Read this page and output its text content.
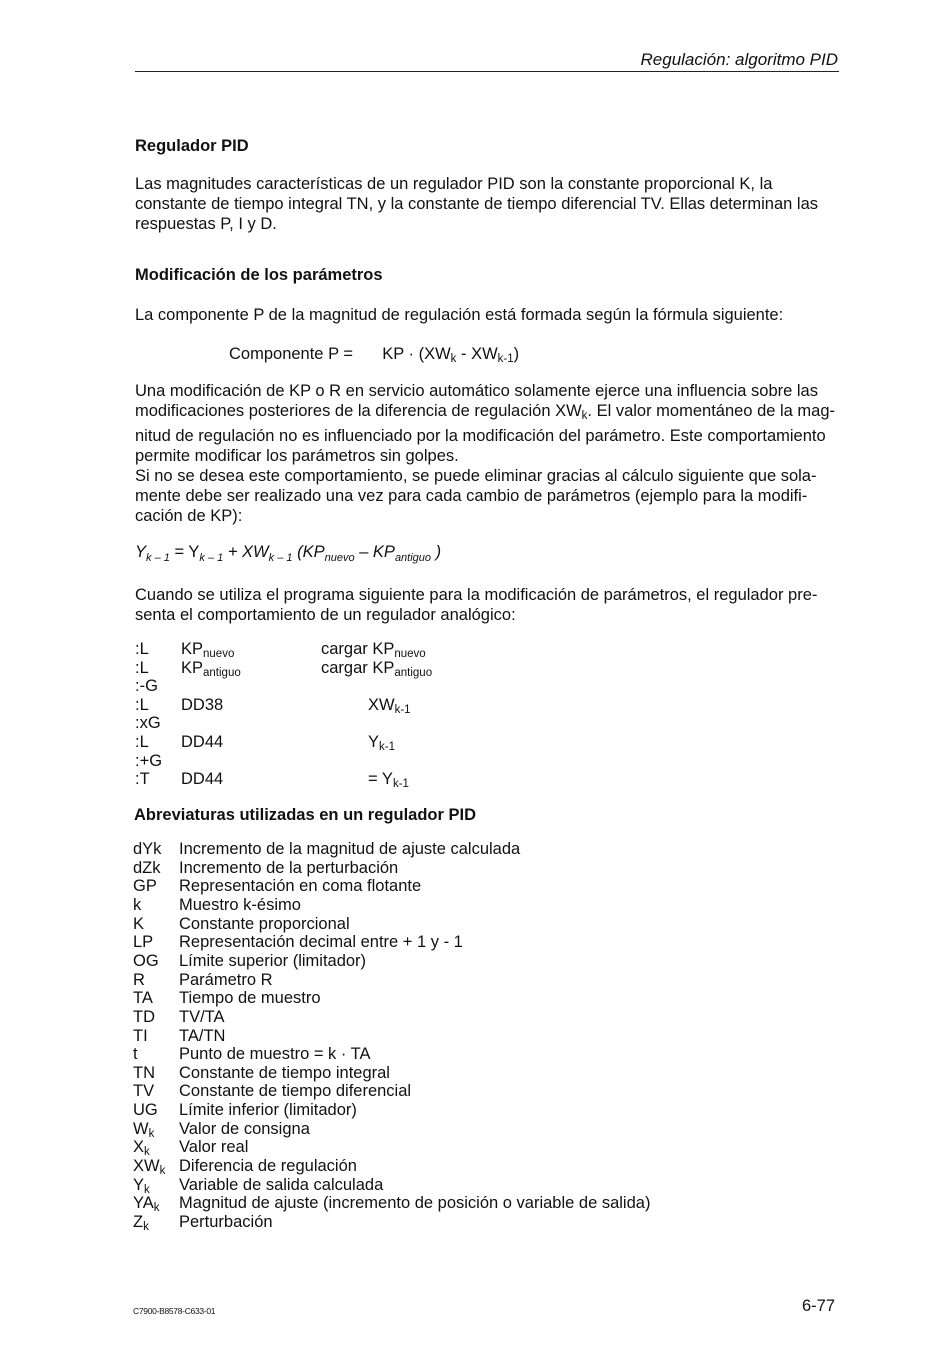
Regulación: algoritmo PID
Regulador PID
Las magnitudes características de un regulador PID son la constante proporcional K, la
constante de tiempo integral TN, y la constante de tiempo diferencial TV. Ellas determinan las
respuestas P, I y D.
Modificación de los parámetros
La componente P de la magnitud de regulación está formada según la fórmula siguiente:
Componente P = KP · $(XW_k - XW_{k-1})$
Una modificación de KP o R en servicio automático solamente ejerce una influencia sobre las
modificaciones posteriores de la diferencia de regulación $XW_k$. El valor momentáneo de la mag-
nitud de regulación no es influenciado por la modificación del parámetro. Este comportamiento
permite modificar los parámetros sin golpes.
Si no se desea este comportamiento, se puede eliminar gracias al cálculo siguiente que sola-
mente debe ser realizado una vez para cada cambio de parámetros (ejemplo para la modifi-
cación de KP):
$Y_{k - 1} = Y_{k - 1} + XW_{k - 1}$ ($KP_{nuevo} - KP_{antiguo}$ )
Cuando se utiliza el programa siguiente para la modificación de parámetros, el regulador pre-
senta el comportamiento de un regulador analógico:
:L $KP_{nuevo}$	cargar $KP_{nuevo}$
:L $KP_{antiguo}$	cargar $KP_{antiguo}$
:-G
:L DD38	$XW_{k-1}$
:xG
:L DD44	$Y_{k-1}$
:+G
:T DD44	= $Y_{k-1}$
Abreviaturas utilizadas en un regulador PID
dYk Incremento de la magnitud de ajuste calculada
dZk Incremento de la perturbación
GP Representación en coma flotante
k Muestro k-ésimo
K Constante proporcional
LP Representación decimal entre + 1 y - 1
OG Límite superior (limitador)
R Parámetro R
TA Tiempo de muestro
TD TV/TA
TI TA/TN
t	Punto de muestro = k · TA
TN Constante de tiempo integral
TV Constante de tiempo diferencial
UG Límite inferior (limitador)
$W_k$ Valor de consigna
$X_k$ Valor real
$XW_k$ Diferencia de regulación
$Y_k$ Variable de salida calculada
$YA_k$ Magnitud de ajuste (incremento de posición o variable de salida)
$Z_k$ Perturbación
C7900-B8578-C633-01	6-77
